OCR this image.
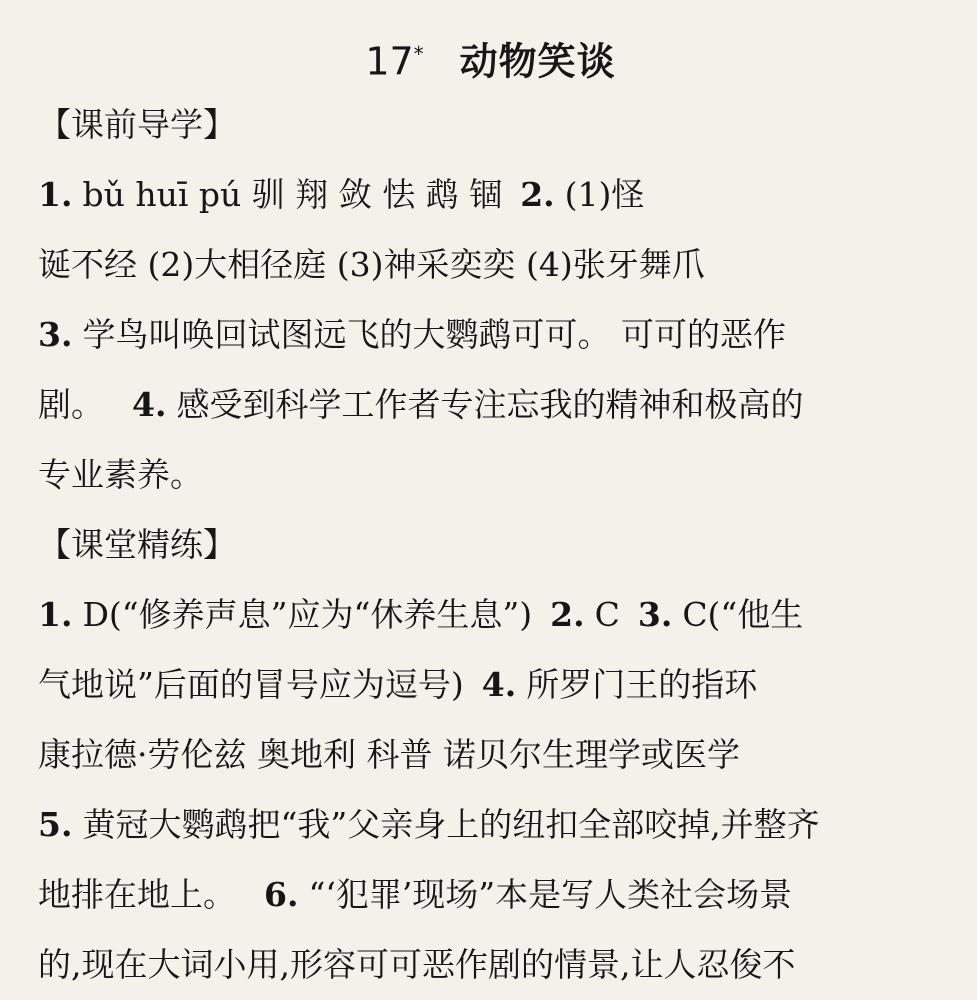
17* 动物笑谈
【课前导学】
1. bǔ huī pú 驯 翔 敛 怯 鹉 锢 2. (1)怪
诞不经 (2)大相径庭 (3)神采奕奕 (4)张牙舞爪
3. 学鸟叫唤回试图远飞的大鹦鹉可可。 可可的恶作
剧。 4. 感受到科学工作者专注忘我的精神和极高的
专业素养。
【课堂精练】
1. D(“修养声息”应为“休养生息”) 2. C 3. C(“他生
气地说”后面的冒号应为逗号) 4. 所罗门王的指环
康拉德·劳伦兹 奥地利 科普 诺贝尔生理学或医学
5. 黄冠大鹦鹉把“我”父亲身上的纽扣全部咬掉,并整齐
地排在地上。 6. “‘犯罪’现场”本是写人类社会场景
的,现在大词小用,形容可可恶作剧的情景,让人忍俊不
